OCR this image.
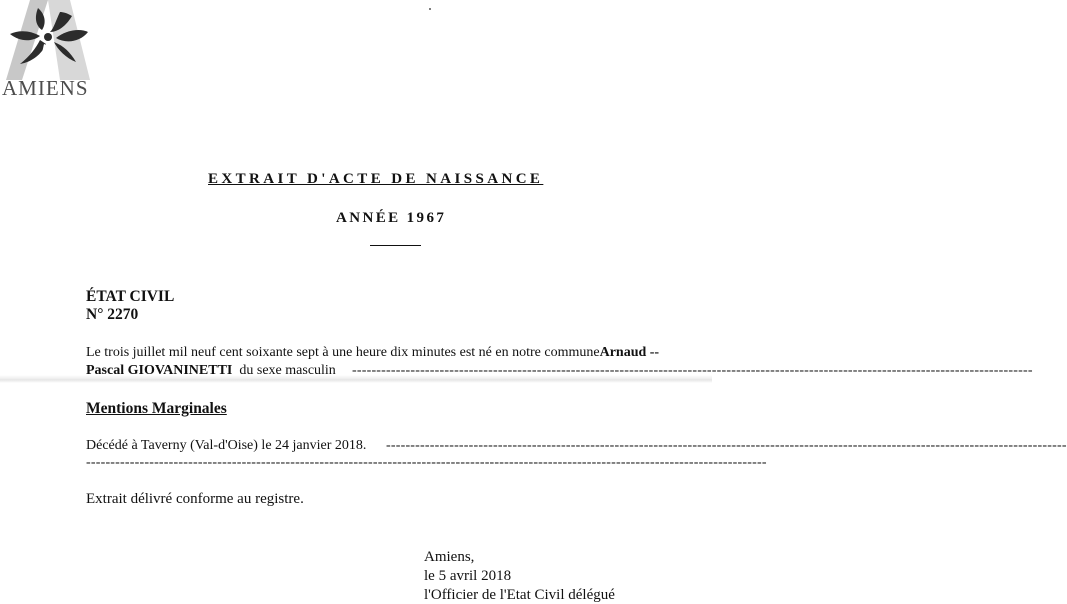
AMIENS
EXTRAIT D'ACTE DE NAISSANCE
ANNÉE 1967
ÉTAT CIVIL
N° 2270
Le trois juillet mil neuf cent soixante sept à une heure dix minutes est né en notre communeArnaud --
Pascal GIOVANINETTI du sexe masculin --------------------------------------------------------------------------------------------------------------------------------------------
Mentions Marginales
Décédé à Taverny (Val-d'Oise) le 24 janvier 2018. --------------------------------------------------------------------------------------------------------------------------------------------
--------------------------------------------------------------------------------------------------------------------------------------------
Extrait délivré conforme au registre.
Amiens,
le 5 avril 2018
l'Officier de l'Etat Civil délégué
